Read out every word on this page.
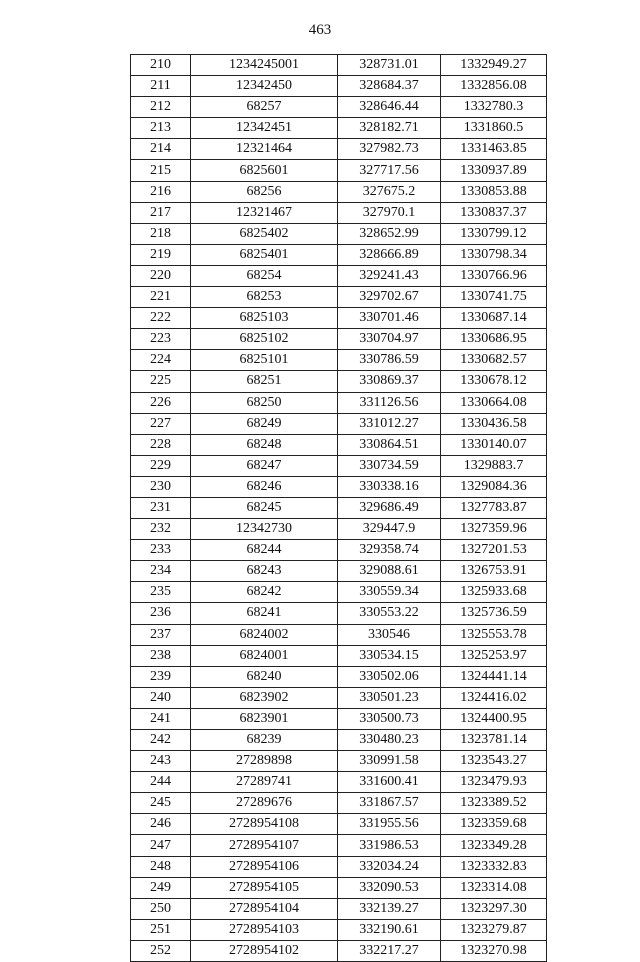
463
210	1234245001	328731.01	1332949.27
211	12342450	328684.37	1332856.08
212	68257	328646.44	1332780.3
213	12342451	328182.71	1331860.5
214	12321464	327982.73	1331463.85
215	6825601	327717.56	1330937.89
216	68256	327675.2	1330853.88
217	12321467	327970.1	1330837.37
218	6825402	328652.99	1330799.12
219	6825401	328666.89	1330798.34
220	68254	329241.43	1330766.96
221	68253	329702.67	1330741.75
222	6825103	330701.46	1330687.14
223	6825102	330704.97	1330686.95
224	6825101	330786.59	1330682.57
225	68251	330869.37	1330678.12
226	68250	331126.56	1330664.08
227	68249	331012.27	1330436.58
228	68248	330864.51	1330140.07
229	68247	330734.59	1329883.7
230	68246	330338.16	1329084.36
231	68245	329686.49	1327783.87
232	12342730	329447.9	1327359.96
233	68244	329358.74	1327201.53
234	68243	329088.61	1326753.91
235	68242	330559.34	1325933.68
236	68241	330553.22	1325736.59
237	6824002	330546	1325553.78
238	6824001	330534.15	1325253.97
239	68240	330502.06	1324441.14
240	6823902	330501.23	1324416.02
241	6823901	330500.73	1324400.95
242	68239	330480.23	1323781.14
243	27289898	330991.58	1323543.27
244	27289741	331600.41	1323479.93
245	27289676	331867.57	1323389.52
246	2728954108	331955.56	1323359.68
247	2728954107	331986.53	1323349.28
248	2728954106	332034.24	1323332.83
249	2728954105	332090.53	1323314.08
250	2728954104	332139.27	1323297.30
251	2728954103	332190.61	1323279.87
252	2728954102	332217.27	1323270.98
